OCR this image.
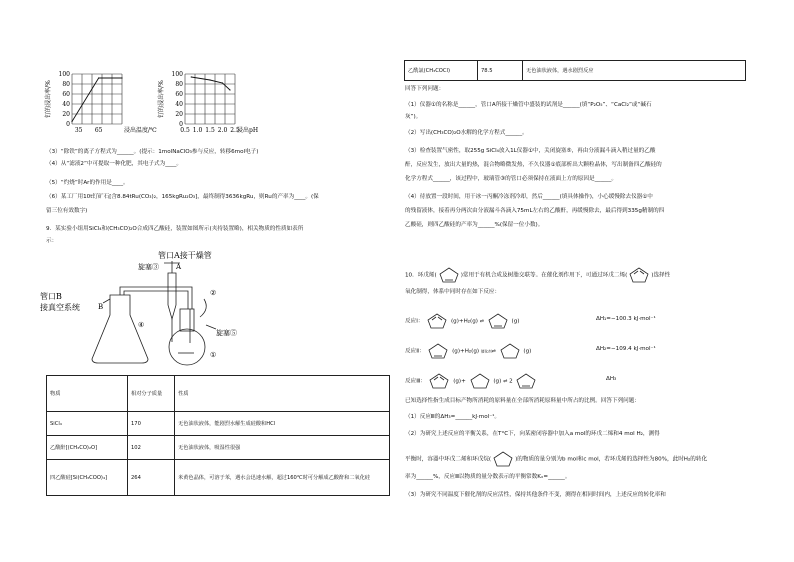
0
20
40
60
80
100
35 65
钌的浸出率/%
浸出温度/℃
0
20
40
60
80
100
0.5 1.0 1.5 2.0 2.5
钌的浸出率/%
浸出pH
（3）“除铁”的离子方程式为______。(提示：1molNaClO₃参与反应，转移6mol电子)
（4）从“滤液2”中可提取一种化肥，其电子式为____。
（5）“灼烧”时Ar的作用是____。
（6）某工厂用10t钌矿石[含8.84tRu(CO₃)₂，165kgRu₂O₃]，最终制得3636kgRu，则Ru的产率为____。(保
留三位有效数字)
9．某实验小组用SiCl₄和(CH₃CO)₂O合成四乙酸硅，装置如图所示(夹持装置略)，相关物质的性质如表所
示：
管口A接干燥管
旋塞③ A
管口B
接真空系统	B
④
②
旋塞⑤
①
物质	相对分子质量	性质
SiCl₄	170	无色油状液体，能剧烈水解生成硅酸和HCl
乙酸酐[(CH₃CO)₂O]	102	无色油状液体，吸湿性很强
四乙酸硅[Si(CH₃COO)₄]	264	米黄色晶体，可溶于苯，遇水会迅速水解，超过160℃时可分解成乙酸酐和二氧化硅
乙酰氯(CH₃COCl)	78.5	无色油状液体，遇水剧烈反应
回答下列问题：
（1）仪器①的名称是______，管口A所接干燥管中盛装的试剂是______(填“P₂O₅”、“CaCl₂”或“碱石
灰”)。
（2）写出(CH₃CO)₂O水解的化学方程式______。
（3）检查装置气密性，取255g SiCl₄放入1L仪器①中，关闭旋塞⑤，再由分液漏斗滴入稍过量的乙酸
酐，反应发生，放出大量的热，混合物略微发热，不久仪器①底部析出大颗粒晶体，写出制备四乙酸硅的
化学方程式______，该过程中，玻璃管③的管口必须保持在液面上方的原因是______。
（4）待放置一段时间，用干冰一丙酮冷冻剂冷却，然后______(填具体操作)，小心缓慢除去仪器①中
的残留液体，接着再分两次由分液漏斗各滴入75mL左右的乙酸酐，再缓慢除去，最后得到335g精制的四
乙酸硅，则四乙酸硅的产率为______%(保留一位小数)。
10．环戊烯(	)常用于有机合成及树脂交联等。在催化剂作用下，可通过环戊二烯(	)选择性
氧化制得，体系中同时存在如下反应：
反应Ⅰ：	(g)+H₂(g) ⇌	(g)	ΔH₁=−100.3 kJ·mol⁻¹
反应Ⅱ：	(g)+H₂(g) 催化剂⇌	(g)	ΔH₂=−109.4 kJ·mol⁻¹
反应Ⅲ：	(g)+	(g) ⇌ 2	ΔH₃
已知选择性指生成目标产物所消耗的原料量在全部所消耗原料量中所占的比例。回答下列问题：
（1）反应Ⅲ的ΔH₃=______kJ·mol⁻¹。
（2）为研究上述反应的平衡关系，在T°C下，向某密闭容器中加入a mol的环戊二烯和4 mol H₂，测得
平衡时，容器中环戊二烯和环戊烷(	)的物质的量分别为b mol和c mol，若环戊烯的选择性为80%，此时H₂的转化
率为______%，反应Ⅲ以物质的量分数表示的平衡常数Kₓ=______。
（3）为研究不同温度下催化剂的反应活性，保持其他条件不变，测得在相同时间内，上述反应的转化率和
